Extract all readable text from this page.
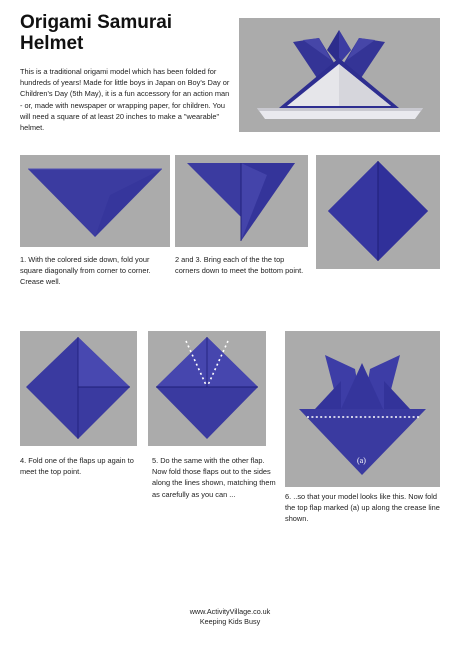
Origami Samurai Helmet
This is a traditional origami model which has been folded for hundreds of years! Made for little boys in Japan on Boy's Day or Children's Day (5th May), it is a fun accessory for an action man - or, made with newspaper or wrapping paper, for children. You will need a square of at least 20 inches to make a "wearable" helmet.
1. With the colored side down, fold your square diagonally from corner to corner. Crease well.
2 and 3. Bring each of the the top corners down to meet the bottom point.
(a)
4. Fold one of the flaps up again to meet the top point.
5. Do the same with the other flap. Now fold those flaps out to the sides along the lines shown, matching them as carefully as you can ...	6. ..so that your model looks like this. Now fold the top flap marked (a) up along the crease line shown.
www.ActivityVillage.co.uk
Keeping Kids Busy
